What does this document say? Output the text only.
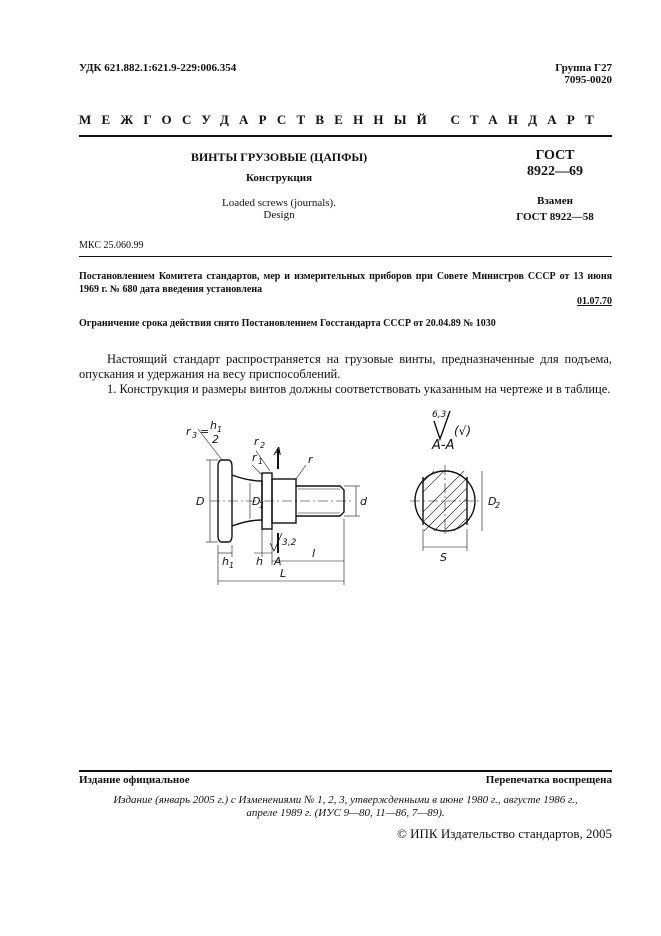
УДК 621.882.1:621.9-229:006.354	Группа Г27
7095-0020
МЕЖГОСУДАРСТВЕННЫЙ СТАНДАРТ
ВИНТЫ ГРУЗОВЫЕ (ЦАПФЫ)
Конструкция
Loaded screws (journals).
Design
ГОСТ
8922—69
Взамен
ГОСТ 8922—58
МКС 25.060.99
Постановлением Комитета стандартов, мер и измерительных приборов при Совете Министров СССР от 13 июня 1969 г. № 680 дата введения установлена
01.07.70
Ограничение срока действия снято Постановлением Госстандарта СССР от 20.04.89 № 1030
Настоящий стандарт распространяется на грузовые винты, предназначенные для подъема, опускания и удержания на весу приспособлений.
1. Конструкция и размеры винтов должны соответствовать указанным на чертеже и в таблице.
r 3 = h 1
2	r 2
r 1
A
r
D	D
1	d
h 1 h A
3,2
l
L
6,3
A-A
(√)
D
2
S
Издание официальное	Перепечатка воспрещена
Издание (январь 2005 г.) с Изменениями № 1, 2, 3, утвержденными в июне 1980 г., августе 1986 г.,
апреле 1989 г. (ИУС 9—80, 11—86, 7—89).
© ИПК Издательство стандартов, 2005
